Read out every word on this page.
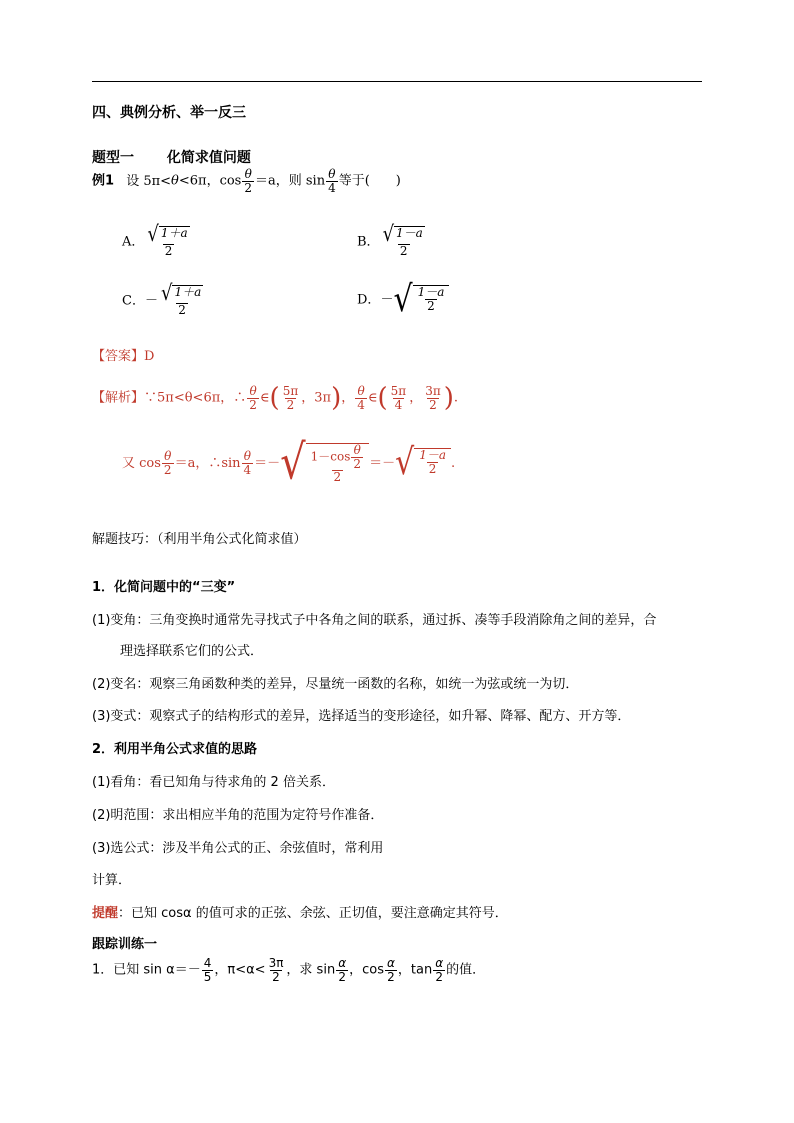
四、典例分析、举一反三
题型一 化简求值问题
例1 设 5π<θ<6π，$\cos \frac{\theta}{2} =a$，则 $\sin \frac{\theta}{4}$ 等于(　　)
A． $\frac{√ 1+a}{2}$	B． $\frac{√ 1-a}{2}$
C．－ $\frac{√ 1+a}{2}$	D．－ √ $\frac{1-a}{2}$
【答案】D
【解析】∵5π<θ<6π，∴ $\frac{\theta}{2}$ ∈( $\frac{5\pi}{2}$ ，3π)， $\frac{\theta}{4}$ ∈( $\frac{5\pi}{4}$ ， $\frac{3\pi}{2}$ ).
又 $\cos \frac{\theta}{2} =a$，∴sin $\frac{\theta}{4}$ ＝－ √ $\frac{1-\cos \frac{\theta}{2}}{2}$ ＝－ √ $\frac{1-a}{2}$ .
解题技巧：（利用半角公式化简求值）
1．化简问题中的“三变”
(1)变角：三角变换时通常先寻找式子中各角之间的联系，通过拆、凑等手段消除角之间的差异，合
理选择联系它们的公式．
(2)变名：观察三角函数种类的差异，尽量统一函数的名称，如统一为弦或统一为切．
(3)变式：观察式子的结构形式的差异，选择适当的变形途径，如升幂、降幂、配方、开方等．
2．利用半角公式求值的思路
(1)看角：看已知角与待求角的 2 倍关系．
(2)明范围：求出相应半角的范围为定符号作准备．
(3)选公式：涉及半角公式的正、余弦值时，常利用
计算．
提醒：已知 cosα 的值可求的正弦、余弦、正切值，要注意确定其符号．
跟踪训练一
1．已知 $\sin \alpha=- \frac{4}{5}$ ，$\pi<\alpha< \frac{3\pi}{2}$ ，求 $\sin \frac{\alpha}{2}$ ，$\cos \frac{\alpha}{2}$ ，$\tan \frac{\alpha}{2}$ 的值．
